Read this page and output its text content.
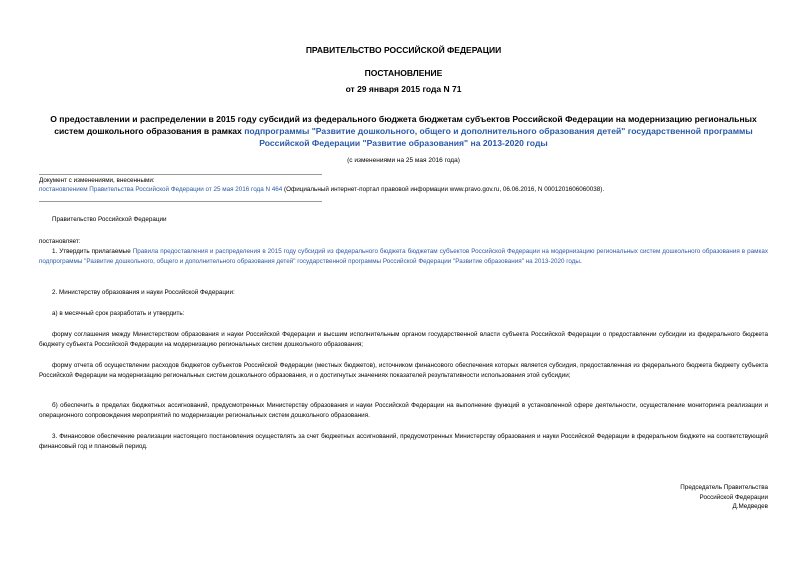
ПРАВИТЕЛЬСТВО РОССИЙСКОЙ ФЕДЕРАЦИИ
ПОСТАНОВЛЕНИЕ
от 29 января 2015 года N 71
О предоставлении и распределении в 2015 году субсидий из федерального бюджета бюджетам субъектов Российской Федерации на модернизацию региональных систем дошкольного образования в рамках подпрограммы "Развитие дошкольного, общего и дополнительного образования детей" государственной программы Российской Федерации "Развитие образования" на 2013-2020 годы
(с изменениями на 25 мая 2016 года)
Документ с изменениями, внесенными:
постановлением Правительства Российской Федерации от 25 мая 2016 года N 464 (Официальный интернет-портал правовой информации www.pravo.gov.ru, 06.06.2016, N 0001201606060038).
Правительство Российской Федерации
постановляет:
1. Утвердить прилагаемые Правила предоставления и распределения в 2015 году субсидий из федерального бюджета бюджетам субъектов Российской Федерации на модернизацию региональных систем дошкольного образования в рамках подпрограммы "Развитие дошкольного, общего и дополнительного образования детей" государственной программы Российской Федерации "Развитие образования" на 2013-2020 годы.
2. Министерству образования и науки Российской Федерации:
а) в месячный срок разработать и утвердить:
форму соглашения между Министерством образования и науки Российской Федерации и высшим исполнительным органом государственной власти субъекта Российской Федерации о предоставлении субсидии из федерального бюджета бюджету субъекта Российской Федерации на модернизацию региональных систем дошкольного образования;
форму отчета об осуществлении расходов бюджетов субъектов Российской Федерации (местных бюджетов), источником финансового обеспечения которых является субсидия, предоставленная из федерального бюджета бюджету субъекта Российской Федерации на модернизацию региональных систем дошкольного образования, и о достигнутых значениях показателей результативности использования этой субсидии;
б) обеспечить в пределах бюджетных ассигнований, предусмотренных Министерству образования и науки Российской Федерации на выполнение функций в установленной сфере деятельности, осуществление мониторинга реализации и операционного сопровождения мероприятий по модернизации региональных систем дошкольного образования.
3. Финансовое обеспечение реализации настоящего постановления осуществлять за счет бюджетных ассигнований, предусмотренных Министерству образования и науки Российской Федерации в федеральном бюджете на соответствующий финансовый год и плановый период.
Председатель Правительства
Российской Федерации
Д.Медведев
